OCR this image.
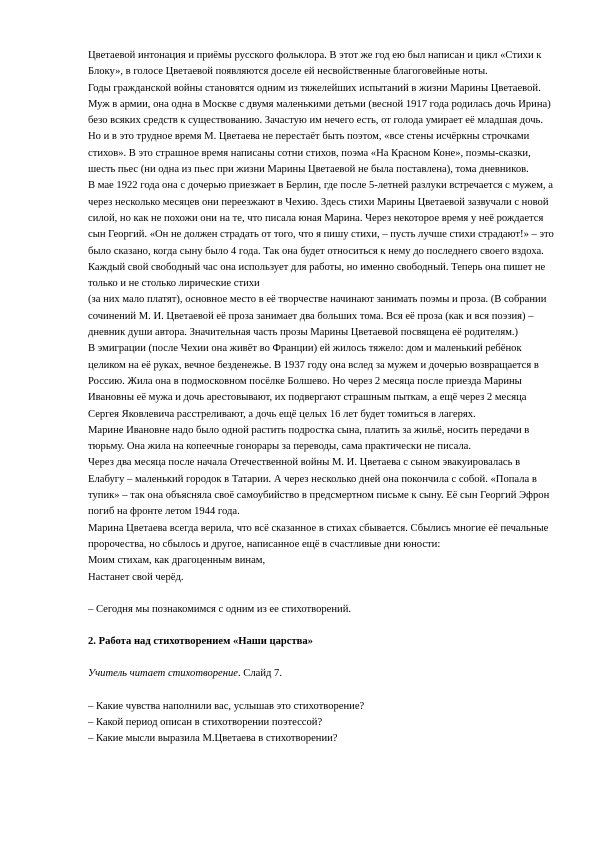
Цветаевой интонация и приёмы русского фольклора. В этот же год ею был написан и цикл «Стихи к Блоку», в голосе Цветаевой появляются доселе ей несвойственные благоговейные ноты.

Годы гражданской войны становятся одним из тяжелейших испытаний в жизни Марины Цветаевой. Муж в армии, она одна в Москве с двумя маленькими детьми (весной 1917 года родилась дочь Ирина) безо всяких средств к существованию. Зачастую им нечего есть, от голода умирает её младшая дочь. Но и в это трудное время М. Цветаева не перестаёт быть поэтом, «все стены исчёркны строчками стихов». В это страшное время написаны сотни стихов, поэма «На Красном Коне», поэмы-сказки, шесть пьес (ни одна из пьес при жизни Марины Цветаевой не была поставлена), тома дневников.

В мае 1922 года она с дочерью приезжает в Берлин, где после 5-летней разлуки встречается с мужем, а через несколько месяцев они переезжают в Чехию. Здесь стихи Марины Цветаевой зазвучали с новой силой, но как не похожи они на те, что писала юная Марина. Через некоторое время у неё рождается сын Георгий. «Он не должен страдать от того, что я пишу стихи, – пусть лучше стихи страдают!» – это было сказано, когда сыну было 4 года. Так она будет относиться к нему до последнего своего вздоха. Каждый свой свободный час она использует для работы, но именно свободный. Теперь она пишет не только и не столько лирические стихи

(за них мало платят), основное место в её творчестве начинают занимать поэмы и проза. (В собрании сочинений М. И. Цветаевой её проза занимает два больших тома. Вся её проза (как и вся поэзия) – дневник души автора. Значительная часть прозы Марины Цветаевой посвящена её родителям.)

В эмиграции (после Чехии она живёт во Франции) ей жилось тяжело: дом и маленький ребёнок целиком на её руках, вечное безденежье. В 1937 году она вслед за мужем и дочерью возвращается в Россию. Жила она в подмосковном посёлке Болшево. Но через 2 месяца после приезда Марины Ивановны её мужа и дочь арестовывают, их подвергают страшным пыткам, а ещё через 2 месяца Сергея Яковлевича расстреливают, а дочь ещё целых 16 лет будет томиться в лагерях.

Марине Ивановне надо было одной растить подростка сына, платить за жильё, носить передачи в тюрьму. Она жила на копеечные гонорары за переводы, сама практически не писала.

Через два месяца после начала Отечественной войны М. И. Цветаева с сыном эвакуировалась в Елабугу – маленький городок в Татарии. А через несколько дней она покончила с собой. «Попала в тупик» – так она объясняла своё самоубийство в предсмертном письме к сыну. Её сын Георгий Эфрон погиб на фронте летом 1944 года.

Марина Цветаева всегда верила, что всё сказанное в стихах сбывается. Сбылись многие её печальные пророчества, но сбылось и другое, написанное ещё в счастливые дни юности:

Моим стихам, как драгоценным винам,

Настанет свой черёд.

– Сегодня мы познакомимся с одним из ее стихотворений.

2. Работа над стихотворением «Наши царства»

Учитель читает стихотворение. Слайд 7.

– Какие чувства наполнили вас, услышав это стихотворение?

– Какой период описан в стихотворении поэтессой?

– Какие мысли выразила М.Цветаева в стихотворении?
